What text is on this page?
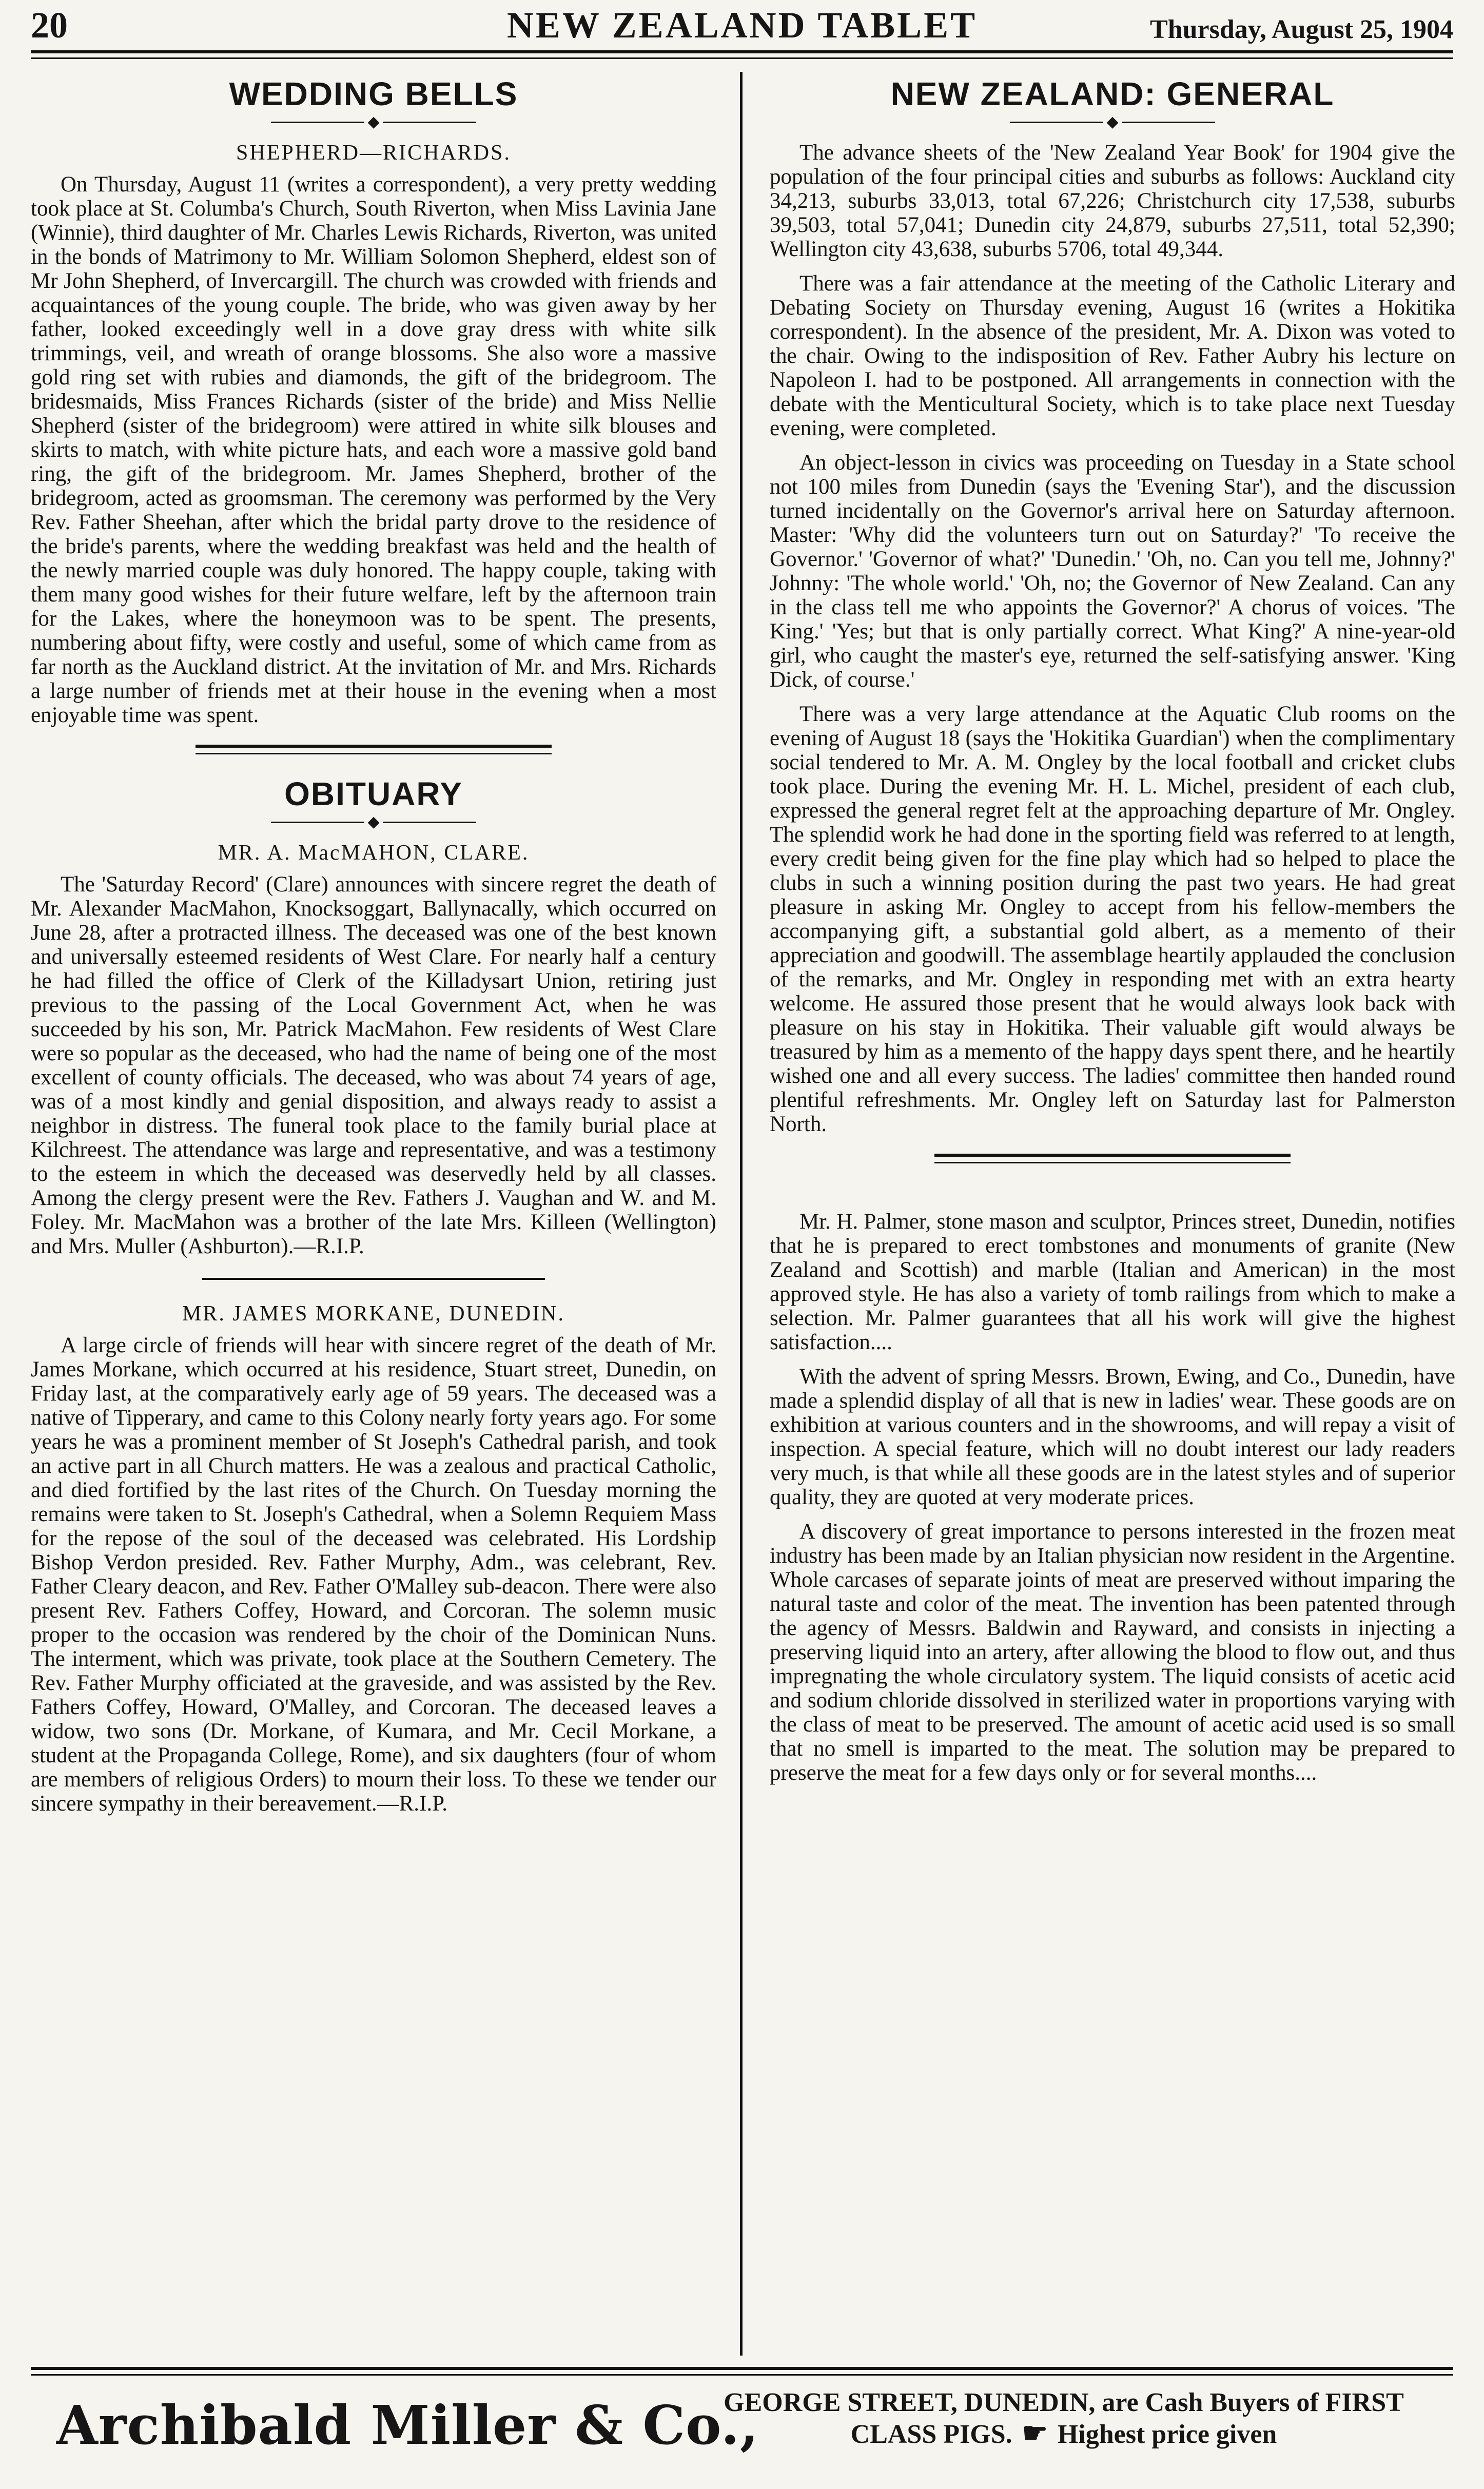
20	NEW ZEALAND TABLET	Thursday, August 25, 1904
WEDDING BELLS
◆
SHEPHERD—RICHARDS.

On Thursday, August 11 (writes a correspondent), a very pretty wedding took place at St. Columba's Church, South Riverton, when Miss Lavinia Jane (Winnie), third daughter of Mr. Charles Lewis Richards, Riverton, was united in the bonds of Matrimony to Mr. William Solomon Shepherd, eldest son of Mr John Shepherd, of Invercargill. The church was crowded with friends and acquaintances of the young couple. The bride, who was given away by her father, looked exceedingly well in a dove gray dress with white silk trimmings, veil, and wreath of orange blossoms. She also wore a massive gold ring set with rubies and diamonds, the gift of the bridegroom. The bridesmaids, Miss Frances Richards (sister of the bride) and Miss Nellie Shepherd (sister of the bridegroom) were attired in white silk blouses and skirts to match, with white picture hats, and each wore a massive gold band ring, the gift of the bridegroom. Mr. James Shepherd, brother of the bridegroom, acted as groomsman. The ceremony was performed by the Very Rev. Father Sheehan, after which the bridal party drove to the residence of the bride's parents, where the wedding breakfast was held and the health of the newly married couple was duly honored. The happy couple, taking with them many good wishes for their future welfare, left by the afternoon train for the Lakes, where the honeymoon was to be spent. The presents, numbering about fifty, were costly and useful, some of which came from as far north as the Auckland district. At the invitation of Mr. and Mrs. Richards a large number of friends met at their house in the evening when a most enjoyable time was spent.

OBITUARY
◆
MR. A. MacMAHON, CLARE.

The 'Saturday Record' (Clare) announces with sincere regret the death of Mr. Alexander MacMahon, Knocksoggart, Ballynacally, which occurred on June 28, after a protracted illness. The deceased was one of the best known and universally esteemed residents of West Clare. For nearly half a century he had filled the office of Clerk of the Killadysart Union, retiring just previous to the passing of the Local Government Act, when he was succeeded by his son, Mr. Patrick MacMahon. Few residents of West Clare were so popular as the deceased, who had the name of being one of the most excellent of county officials. The deceased, who was about 74 years of age, was of a most kindly and genial disposition, and always ready to assist a neighbor in distress. The funeral took place to the family burial place at Kilchreest. The attendance was large and representative, and was a testimony to the esteem in which the deceased was deservedly held by all classes. Among the clergy present were the Rev. Fathers J. Vaughan and W. and M. Foley. Mr. MacMahon was a brother of the late Mrs. Killeen (Wellington) and Mrs. Muller (Ashburton).—R.I.P.

MR. JAMES MORKANE, DUNEDIN.

A large circle of friends will hear with sincere regret of the death of Mr. James Morkane, which occurred at his residence, Stuart street, Dunedin, on Friday last, at the comparatively early age of 59 years. The deceased was a native of Tipperary, and came to this Colony nearly forty years ago. For some years he was a prominent member of St Joseph's Cathedral parish, and took an active part in all Church matters. He was a zealous and practical Catholic, and died fortified by the last rites of the Church. On Tuesday morning the remains were taken to St. Joseph's Cathedral, when a Solemn Requiem Mass for the repose of the soul of the deceased was celebrated. His Lordship Bishop Verdon presided. Rev. Father Murphy, Adm., was celebrant, Rev. Father Cleary deacon, and Rev. Father O'Malley sub-deacon. There were also present Rev. Fathers Coffey, Howard, and Corcoran. The solemn music proper to the occasion was rendered by the choir of the Dominican Nuns. The interment, which was private, took place at the Southern Cemetery. The Rev. Father Murphy officiated at the graveside, and was assisted by the Rev. Fathers Coffey, Howard, O'Malley, and Corcoran. The deceased leaves a widow, two sons (Dr. Morkane, of Kumara, and Mr. Cecil Morkane, a student at the Propaganda College, Rome), and six daughters (four of whom are members of religious Orders) to mourn their loss. To these we tender our sincere sympathy in their bereavement.—R.I.P.

NEW ZEALAND: GENERAL
◆

The advance sheets of the 'New Zealand Year Book' for 1904 give the population of the four principal cities and suburbs as follows: Auckland city 34,213, suburbs 33,013, total 67,226; Christchurch city 17,538, suburbs 39,503, total 57,041; Dunedin city 24,879, suburbs 27,511, total 52,390; Wellington city 43,638, suburbs 5706, total 49,344.

There was a fair attendance at the meeting of the Catholic Literary and Debating Society on Thursday evening, August 16 (writes a Hokitika correspondent). In the absence of the president, Mr. A. Dixon was voted to the chair. Owing to the indisposition of Rev. Father Aubry his lecture on Napoleon I. had to be postponed. All arrangements in connection with the debate with the Menticultural Society, which is to take place next Tuesday evening, were completed.

An object-lesson in civics was proceeding on Tuesday in a State school not 100 miles from Dunedin (says the 'Evening Star'), and the discussion turned incidentally on the Governor's arrival here on Saturday afternoon. Master: 'Why did the volunteers turn out on Saturday?' 'To receive the Governor.' 'Governor of what?' 'Dunedin.' 'Oh, no. Can you tell me, Johnny?' Johnny: 'The whole world.' 'Oh, no; the Governor of New Zealand. Can any in the class tell me who appoints the Governor?' A chorus of voices. 'The King.' 'Yes; but that is only partially correct. What King?' A nine-year-old girl, who caught the master's eye, returned the self-satisfying answer. 'King Dick, of course.'

There was a very large attendance at the Aquatic Club rooms on the evening of August 18 (says the 'Hokitika Guardian') when the complimentary social tendered to Mr. A. M. Ongley by the local football and cricket clubs took place. During the evening Mr. H. L. Michel, president of each club, expressed the general regret felt at the approaching departure of Mr. Ongley. The splendid work he had done in the sporting field was referred to at length, every credit being given for the fine play which had so helped to place the clubs in such a winning position during the past two years. He had great pleasure in asking Mr. Ongley to accept from his fellow-members the accompanying gift, a substantial gold albert, as a memento of their appreciation and goodwill. The assemblage heartily applauded the conclusion of the remarks, and Mr. Ongley in responding met with an extra hearty welcome. He assured those present that he would always look back with pleasure on his stay in Hokitika. Their valuable gift would always be treasured by him as a memento of the happy days spent there, and he heartily wished one and all every success. The ladies' committee then handed round plentiful refreshments. Mr. Ongley left on Saturday last for Palmerston North.

Mr. H. Palmer, stone mason and sculptor, Princes street, Dunedin, notifies that he is prepared to erect tombstones and monuments of granite (New Zealand and Scottish) and marble (Italian and American) in the most approved style. He has also a variety of tomb railings from which to make a selection. Mr. Palmer guarantees that all his work will give the highest satisfaction....

With the advent of spring Messrs. Brown, Ewing, and Co., Dunedin, have made a splendid display of all that is new in ladies' wear. These goods are on exhibition at various counters and in the showrooms, and will repay a visit of inspection. A special feature, which will no doubt interest our lady readers very much, is that while all these goods are in the latest styles and of superior quality, they are quoted at very moderate prices.

A discovery of great importance to persons interested in the frozen meat industry has been made by an Italian physician now resident in the Argentine. Whole carcases of separate joints of meat are preserved without imparing the natural taste and color of the meat. The invention has been patented through the agency of Messrs. Baldwin and Rayward, and consists in injecting a preserving liquid into an artery, after allowing the blood to flow out, and thus impregnating the whole circulatory system. The liquid consists of acetic acid and sodium chloride dissolved in sterilized water in proportions varying with the class of meat to be preserved. The amount of acetic acid used is so small that no smell is imparted to the meat. The solution may be prepared to preserve the meat for a few days only or for several months....

Archibald Miller & Co.,
GEORGE STREET, DUNEDIN, are Cash Buyers of FIRST
CLASS PIGS. ☛ Highest price given
